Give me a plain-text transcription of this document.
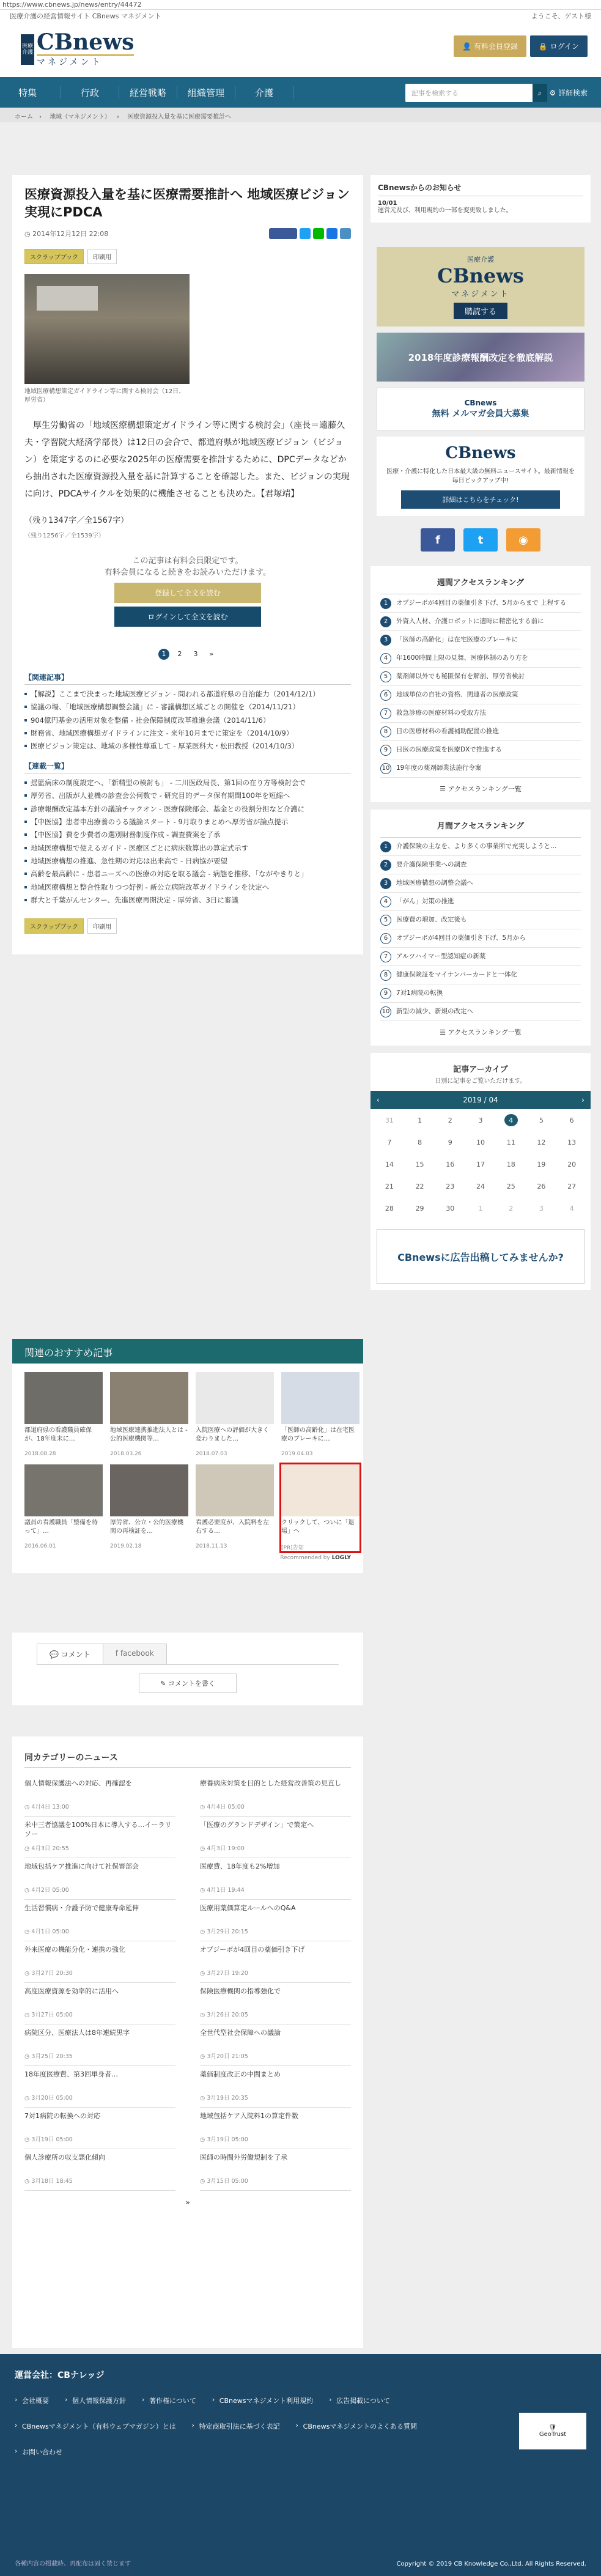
https://www.cbnews.jp/news/entry/44472
医療介護の経営情報サイト CBnews マネジメント	ようこそ、ゲスト様
医療介護 CBnews
マネジメント
👤 有料会員登録	🔒 ログイン
特集	行政	経営戦略	組織管理	介護	記事を検索する	⌕ ⚙ 詳細検索
ホーム › 地域（マネジメント） › 医療資源投入量を基に医療需要推計へ
医療資源投入量を基に医療需要推計へ 地域医療ビジョン実現にPDCA
◷ 2014年12月12日 22:08
スクラップブック	印刷用
地域医療構想策定ガイドライン等に関する検討会（12日、厚労省）

厚生労働省の「地域医療構想策定ガイドライン等に関する検討会」（座長＝遠藤久夫・学習院大経済学部長）は12日の会合で、都道府県が地域医療ビジョン（ビジョン）を策定するのに必要な2025年の医療需要を推計するために、DPCデータなどから抽出された医療資源投入量を基に計算することを確認した。また、ビジョンの実現に向け、PDCAサイクルを効果的に機能させることも決めた。【君塚靖】

（残り1347字／全1567字）

（残り1256字／全1539字）

この記事は有料会員限定です。

有料会員になると続きをお読みいただけます。

登録して全文を読む
ログインして全文を読む
1	2	3	»
【関連記事】
【解説】ここまで決まった地域医療ビジョン - 問われる都道府県の自治能力（2014/12/1）
協議の場、「地域医療構想調整会議」に - 審議構想区域ごとの開催を（2014/11/21）
904億円基金の活用対象を整備 - 社会保障制度改革推進会議（2014/11/6）
財務省、地域医療構想ガイドラインに注文 - 来年10月までに策定を（2014/10/9）
医療ビジョン策定は、地域の多様性尊重して - 厚業医科大・松田教授（2014/10/3）
【連載一覧】
揺籃病床の制度設定へ、「新精型の検討も」 - 二川医政局長、第1回の在り方等検討会で
厚労省、出版が人並機の診査会公何数で - 研究目的データ保有期間100年を短縮へ
診療報酬改定基本方針の議論チックオン - 医療保険部会、基金との役割分担など介護に
【中医協】患者申出療養のうる議論スタート - 9月取りまとめへ厚労省が論点提示
【中医協】費を少費者の選別財務制度作成 - 調査費案を了承
地域医療構想で使えるガイド - 医療区ごとに病床数算出の算定式示す
地域医療構想の推進、急性期の対応は出来高で - 日病協が要望
高齢を最高齢に - 患者ニーズへの医療の対応を取る議会 - 病態を推移、「ながやきりと」
地域医療構想と整合性取りつつ好例 - 新公立病院改革ガイドラインを決定へ
群大と千葉がんセンター、先進医療再開決定 - 厚労省、3日に審議
スクラップブック	印刷用
関連のおすすめ記事
都道府県の看護職員確保が、18年度末に…
2018.08.28
地域医療連携推進法人とは - 公的医療機関等…
2018.03.26
入院医療への評価が大きく変わりました…
2018.07.03
「医師の高齢化」は在宅医療のブレーキに…
2019.04.03
議員の看護職員「整備を待って」…
2016.06.01
厚労省、公立・公的医療機関の再検証を…
2019.02.18
看護必要度が、入院料を左右する…
2018.11.13
クリックして、ついに「退場」へ
[PR]告知
Recommended by LOGLY
💬 コメント	f facebook
✎ コメントを書く
同カテゴリーのニュース
個人情報保護法への対応、再確認を
◷ 4月4日 13:00
療養病床対策を目的とした経営改善策の見直し
◷ 4月4日 05:00
米中三者協議を100%日本に導入する…イーラリソー
◷ 4月3日 20:55
「医療のグランドデザイン」で策定へ
◷ 4月3日 19:00
地域包括ケア推進に向けて社保審部会
◷ 4月2日 05:00
医療費、18年度も2%増加
◷ 4月1日 19:44
生活習慣病・介護予防で健康寿命延伸
◷ 4月1日 05:00
医療用薬価算定ルールへのQ&A
◷ 3月29日 20:15
外来医療の機能分化・連携の強化
◷ 3月27日 20:30
オプジーボが4回目の薬価引き下げ
◷ 3月27日 19:20
高度医療資源を効率的に活用へ
◷ 3月27日 05:00
保険医療機関の指導強化で
◷ 3月26日 20:05
病院区分、医療法人は8年連続黒字
◷ 3月25日 20:35
全世代型社会保障への議論
◷ 3月20日 21:05
18年度医療費、第3回単身者…
◷ 3月20日 05:00
薬価制度改正の中間まとめ
◷ 3月19日 20:35
7対1病院の転換への対応
◷ 3月19日 05:00
地域包括ケア入院料1の算定件数
◷ 3月19日 05:00
個人診療所の収支悪化傾向
◷ 3月18日 18:45
医師の時間外労働規制を了承
◷ 3月15日 05:00
»
CBnewsからのお知らせ
10/01
運営元及び、利用規約の一部を変更致しました。
医療介護
CBnews
マネジメント
購読する
2018年度診療報酬改定を徹底解説
CBnews
無料 メルマガ会員大募集
CBnews
医療・介護に特化した日本最大級の無料ニュースサイト。最新情報を毎日ピックアップ中!
詳細はこちらをチェック!
f	t	◉
週間アクセスランキング
1	オプジーボが4回目の薬価引き下げ、5月からまで 上程する
2	外資入人材、介護ロボットに適時に精密化する前に
3	「医師の高齢化」は在宅医療のブレーキに
4	年1600時間上限の見舞、医療体制のあり方を
5	薬剤師以外でも秘匿保有を解剖、厚労省検討
6	地域単位の自社の資格、関連者の医療政策
7	救急診療の医療材料の受取方法
8	日の医療材料の看護補助配置の推進
9	日医の医療政策を医療DXで推進する
10 19年度の薬剤師業法施行令案
☰ アクセスランキング一覧
月間アクセスランキング
1	介護保険の主なを、より多くの事業所で充実しようと…
2	要介護保険事業への調査
3	地域医療構想の調整会議へ
4	「がん」対策の推進
5	医療費の増加、改定後も
6	オプジーボが4回目の薬価引き下げ、5月から
7	アルツハイマー型認知症の新薬
8	健康保険証をマイナンバーカードと一体化
9	7対1病院の転換
10 新型の減少、新規の改定へ
☰ アクセスランキング一覧
記事アーカイブ
日別に記事をご覧いただけます。
‹	2019 / 04	›
31	1	2	3	4	5	6
7	8	9	10	11	12	13
14	15	16	17	18	19	20
21	22	23	24	25	26	27
28	29	30	1	2	3	4
CBnewsに広告出稿してみませんか?
運営会社：CBナレッジ
› 会社概要	› 個人情報保護方針	› 著作権について	› CBnewsマネジメント利用規約	› 広告掲載について
› CBnewsマネジメント（有料ウェブマガジン）とは	› 特定商取引法に基づく表記	› CBnewsマネジメントのよくある質問
› お問い合わせ
🛡
GeoTrust
各種内容の掲載時、再配布は固く禁じます	Copyright © 2019 CB Knowledge Co.,Ltd. All Rights Reserved.
